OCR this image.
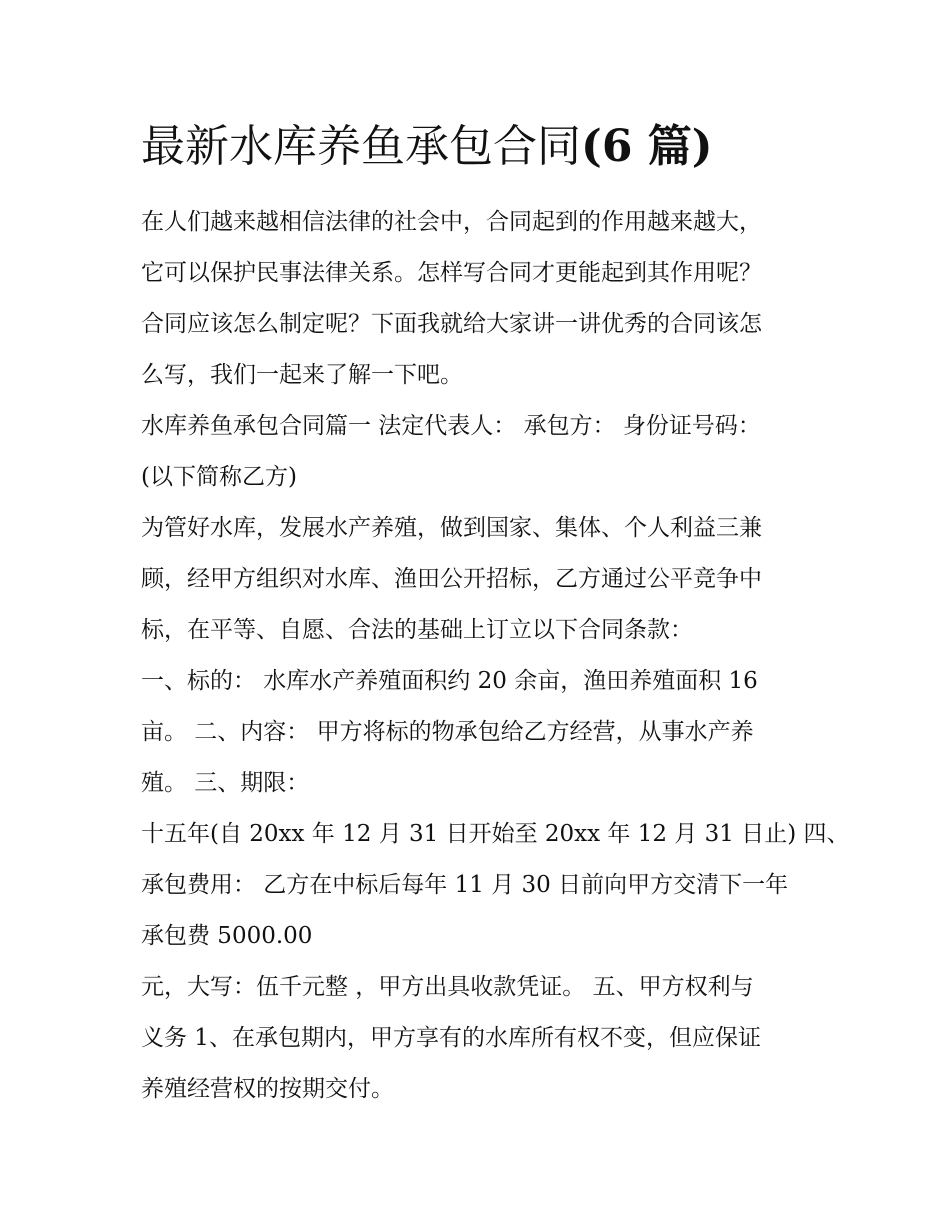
最新水库养鱼承包合同(6 篇)
在人们越来越相信法律的社会中，合同起到的作用越来越大，
它可以保护民事法律关系。怎样写合同才更能起到其作用呢？
合同应该怎么制定呢？下面我就给大家讲一讲优秀的合同该怎
么写，我们一起来了解一下吧。
水库养鱼承包合同篇一 法定代表人： 承包方： 身份证号码：
(以下简称乙方)
为管好水库，发展水产养殖，做到国家、集体、个人利益三兼
顾，经甲方组织对水库、渔田公开招标，乙方通过公平竞争中
标，在平等、自愿、合法的基础上订立以下合同条款：
一、标的： 水库水产养殖面积约 20 余亩，渔田养殖面积 16
亩。 二、内容： 甲方将标的物承包给乙方经营，从事水产养
殖。 三、期限：
十五年(自 20xx 年 12 月 31 日开始至 20xx 年 12 月 31 日止) 四、
承包费用： 乙方在中标后每年 11 月 30 日前向甲方交清下一年
承包费 5000.00
元，大写：伍千元整 ，甲方出具收款凭证。 五、甲方权利与
义务 1、在承包期内，甲方享有的水库所有权不变，但应保证
养殖经营权的按期交付。
